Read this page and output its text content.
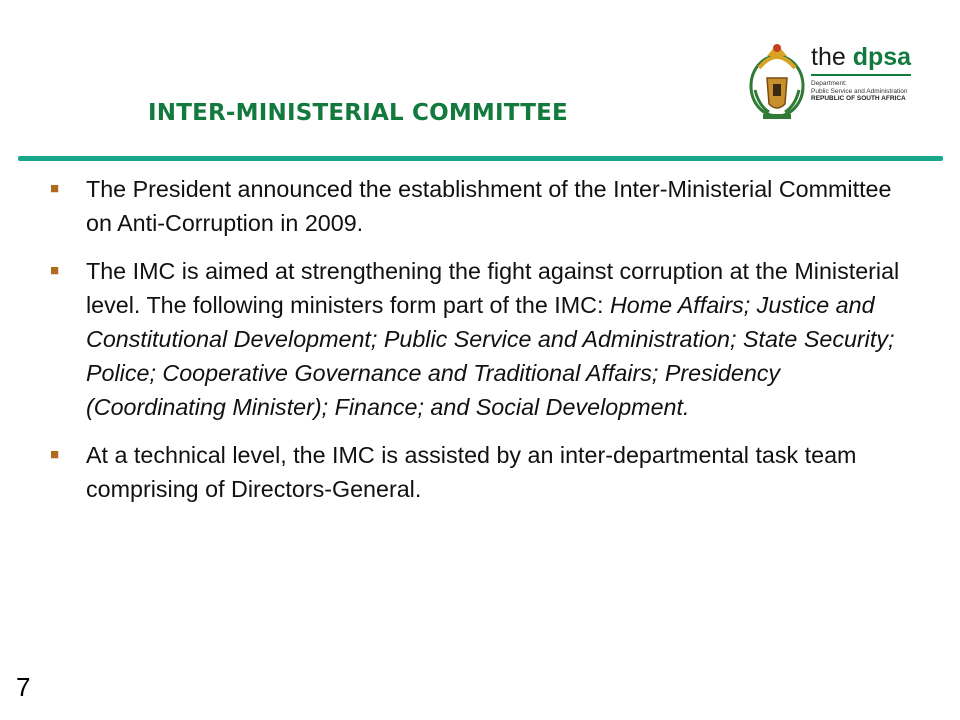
INTER-MINISTERIAL COMMITTEE
the dpsa
Department:
Public Service and Administration
REPUBLIC OF SOUTH AFRICA
■	The President announced the establishment of the Inter-Ministerial Committee on Anti-Corruption in 2009.
■	The IMC is aimed at strengthening the fight against corruption at the Ministerial level. The following ministers form part of the IMC: Home Affairs; Justice and Constitutional Development; Public Service and Administration; State Security; Police; Cooperative Governance and Traditional Affairs; Presidency (Coordinating Minister); Finance; and Social Development.
■	At a technical level, the IMC is assisted by an inter-departmental task team comprising of Directors-General.
7
